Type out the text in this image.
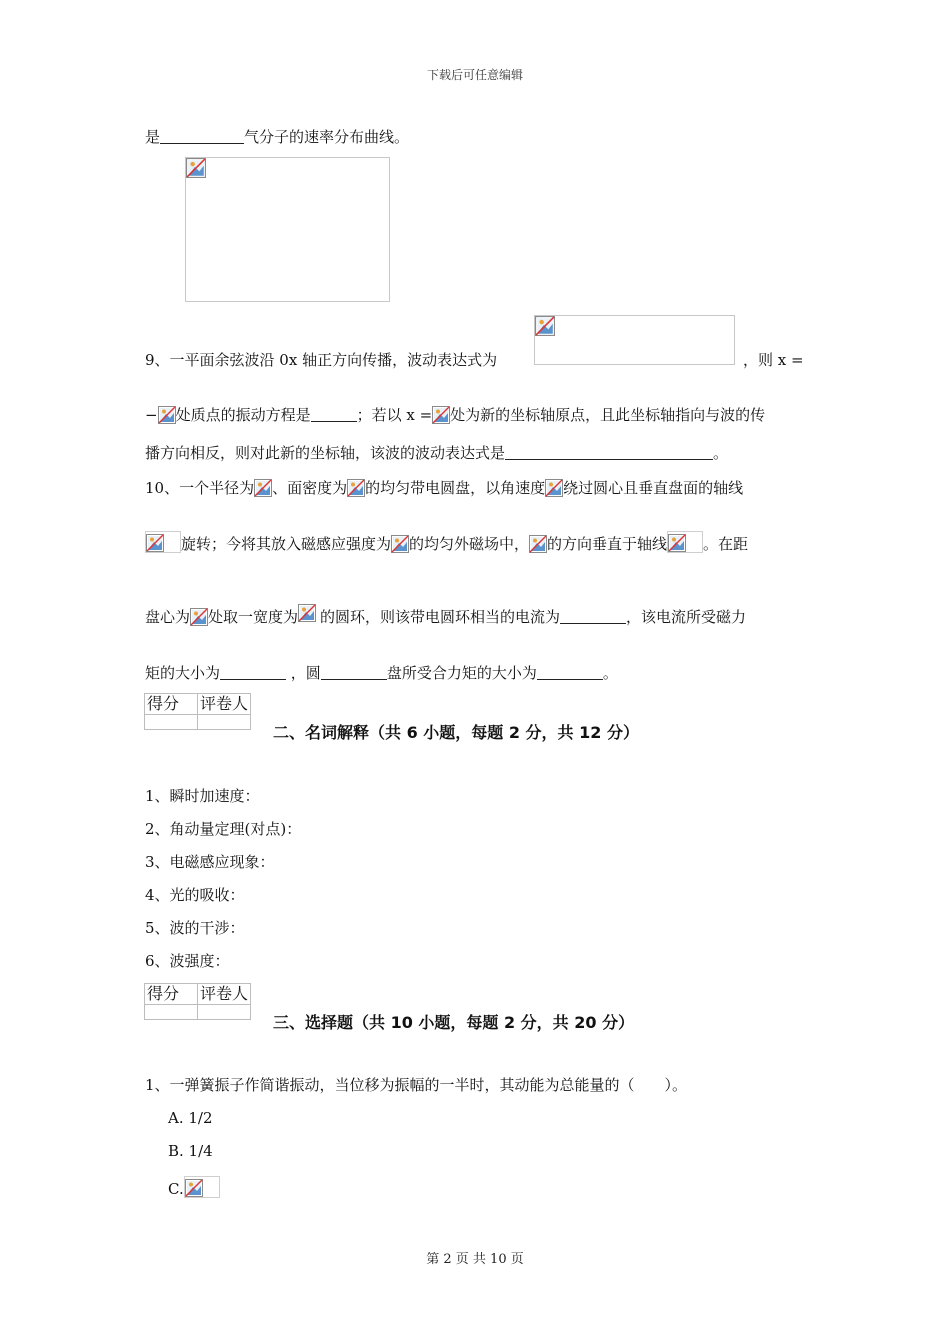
下载后可任意编辑
是	气分子的速率分布曲线。
9、一平面余弦波沿 0x 轴正方向传播，波动表达式为	，则 x =
− 处质点的振动方程是	；若以 x = 处为新的坐标轴原点，且此坐标轴指向与波的传
播方向相反，则对此新的坐标轴，该波的波动表达式是	。
10、一个半径为 、面密度为 的均匀带电圆盘，以角速度 绕过圆心且垂直盘面的轴线
旋转；今将其放入磁感应强度为 的均匀外磁场中， 的方向垂直于轴线 。在距
盘心为 处取一宽度为 的圆环，则该带电圆环相当的电流为	，该电流所受磁力
矩的大小为	，圆	盘所受合力矩的大小为	。
得分	评卷人

二、名词解释（共 6 小题，每题 2 分，共 12 分）
1、瞬时加速度：
2、角动量定理(对点)：
3、电磁感应现象：
4、光的吸收：
5、波的干涉：
6、波强度：
得分	评卷人

三、选择题（共 10 小题，每题 2 分，共 20 分）
1、一弹簧振子作简谐振动，当位移为振幅的一半时，其动能为总能量的（　　）。
A. 1/2
B. 1/4
C.
第 2 页 共 10 页
